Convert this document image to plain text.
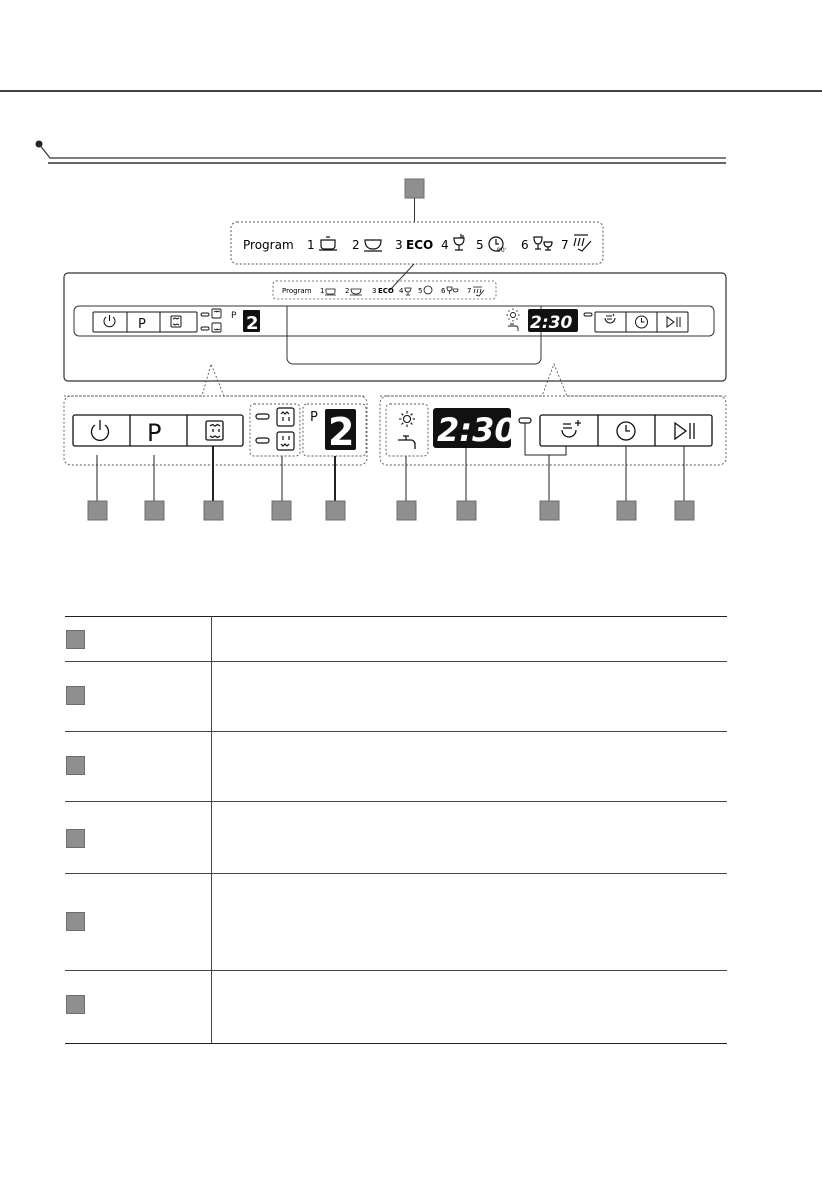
Program 1	2	3 ECO 4 5 90' 6	7
Program 1	2	3 ECO 4 5	6	7
P
P 2	2:30
P
P 2	2:30
